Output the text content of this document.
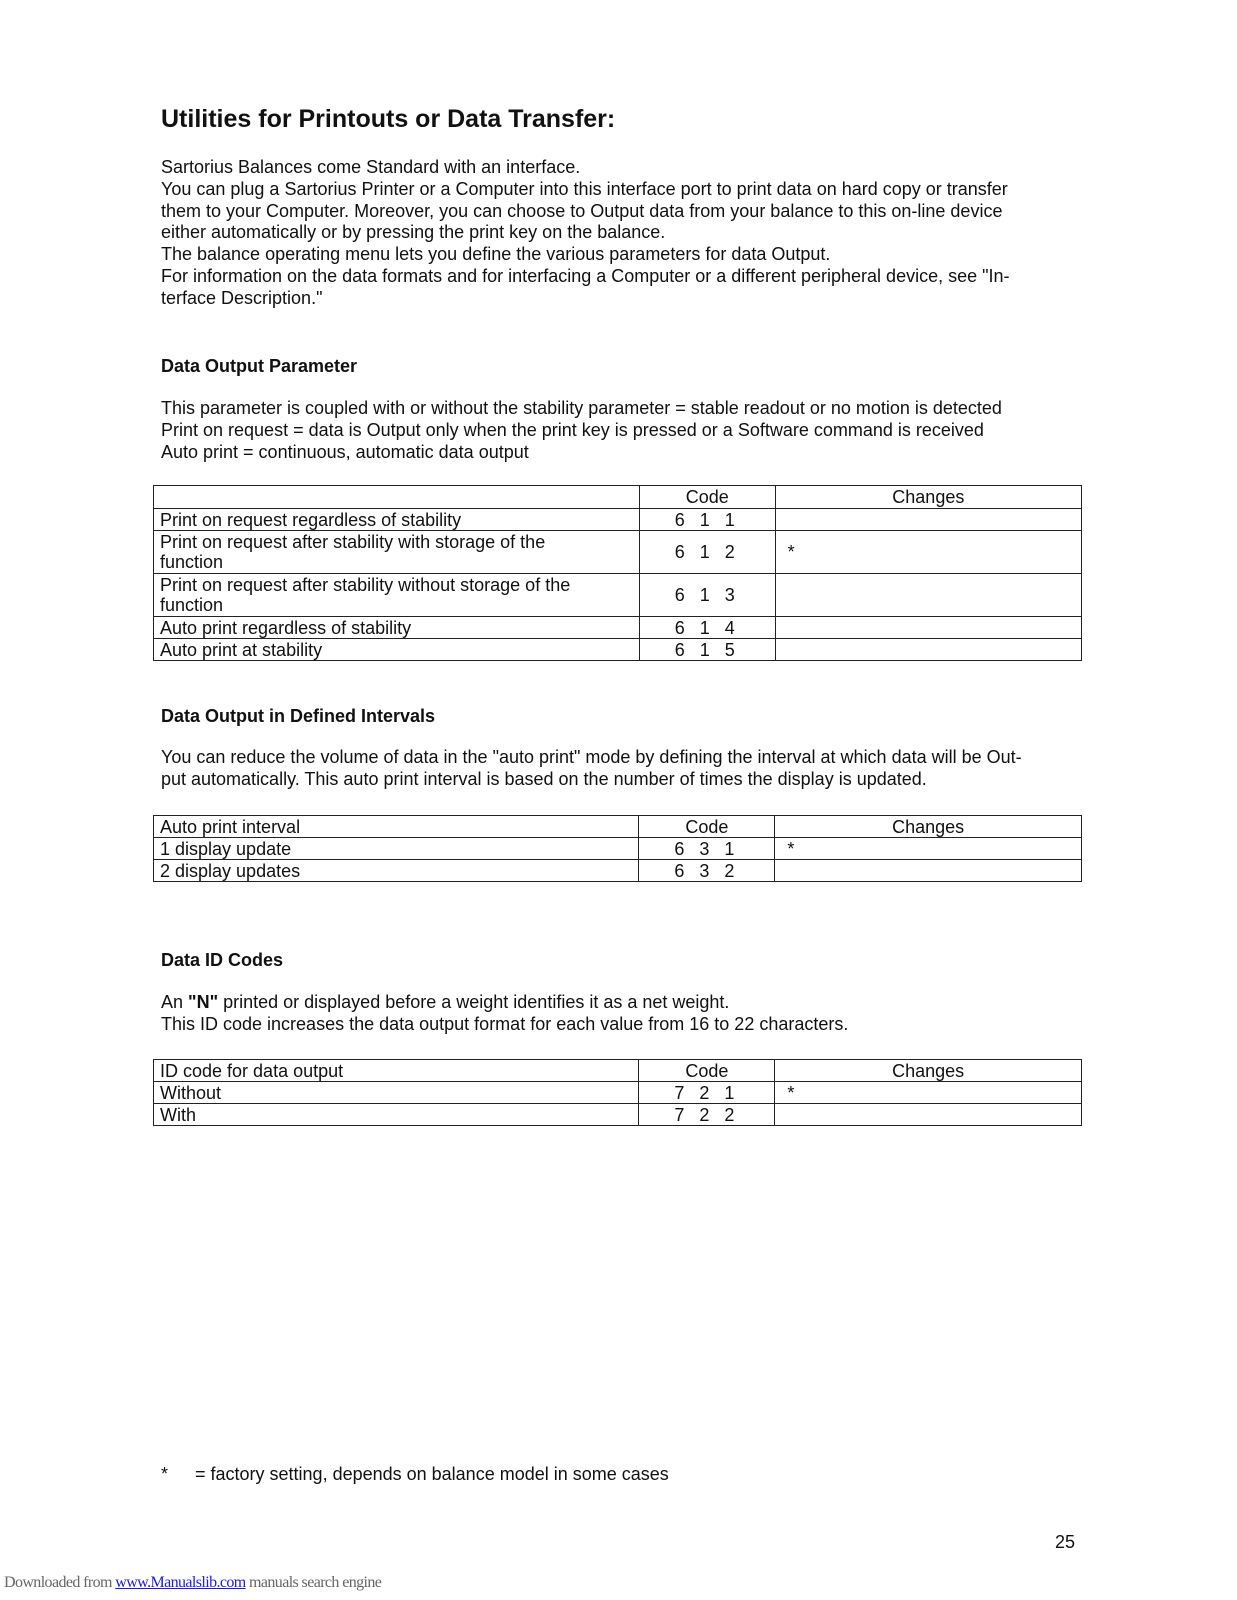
Utilities for Printouts or Data Transfer:
Sartorius Balances come Standard with an interface.
You can plug a Sartorius Printer or a Computer into this interface port to print data on hard copy or transfer
them to your Computer. Moreover, you can choose to Output data from your balance to this on-line device
either automatically or by pressing the print key on the balance.
The balance operating menu lets you define the various parameters for data Output.
For information on the data formats and for interfacing a Computer or a different peripheral device, see "In-
terface Description."
Data Output Parameter
This parameter is coupled with or without the stability parameter = stable readout or no motion is detected
Print on request = data is Output only when the print key is pressed or a Software command is received
Auto print = continuous, automatic data output
	Code	Changes
Print on request regardless of stability	6 1 1	

Print on request after stability with storage of the function	6 1 2	*

Print on request after stability without storage of the function	6 1 3	
Auto print regardless of stability	6 1 4	
Auto print at stability	6 1 5	
Data Output in Defined Intervals
You can reduce the volume of data in the "auto print" mode by defining the interval at which data will be Out-
put automatically. This auto print interval is based on the number of times the display is updated.
Auto print interval	Code	Changes
1 display update	6 3 1	*
2 display updates	6 3 2	
Data ID Codes
An "N" printed or displayed before a weight identifies it as a net weight.
This ID code increases the data output format for each value from 16 to 22 characters.
ID code for data output	Code	Changes
Without	7 2 1	*
With	7 2 2	
* = factory setting, depends on balance model in some cases
25
Downloaded from www.Manualslib.com manuals search engine
